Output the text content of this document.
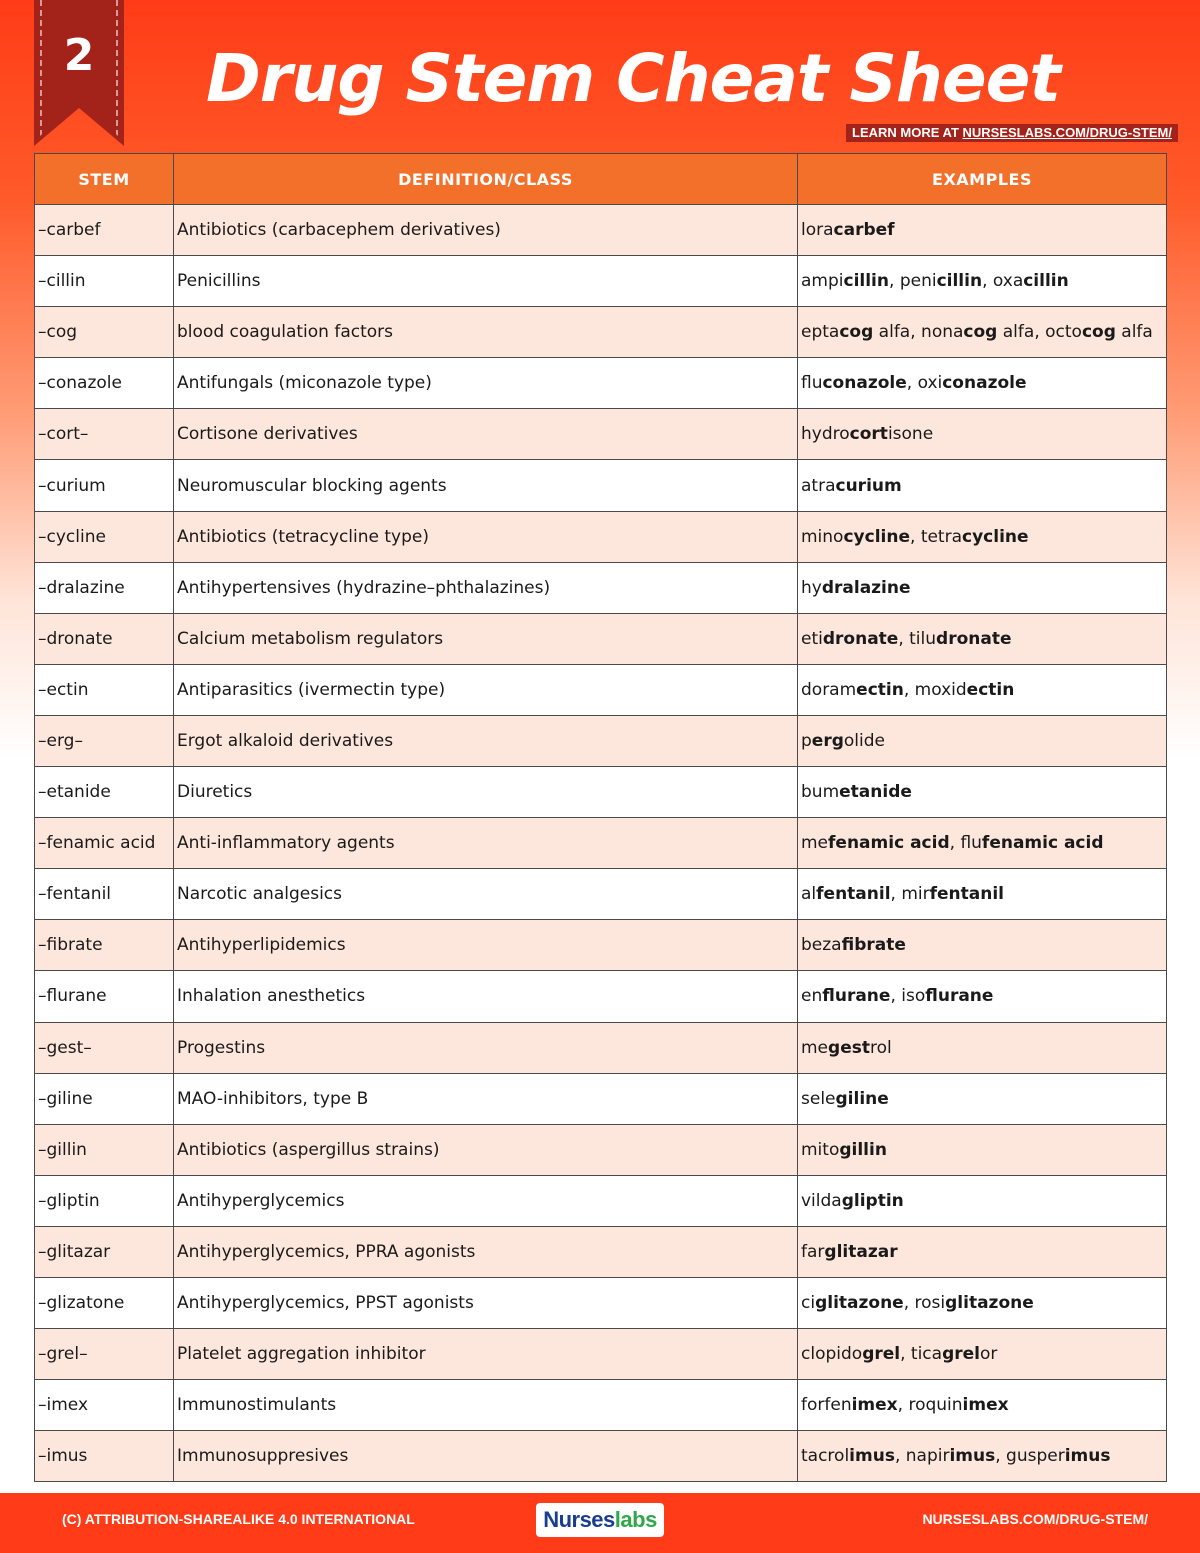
2	Drug Stem Cheat Sheet
LEARN MORE AT NURSESLABS.COM/DRUG-STEM/
STEM	DEFINITION/CLASS	EXAMPLES
–carbef	Antibiotics (carbacephem derivatives)	loracarbef
–cillin	Penicillins	ampicillin, penicillin, oxacillin
–cog	blood coagulation factors	eptacog alfa, nonacog alfa, octocog alfa
–conazole	Antifungals (miconazole type)	fluconazole, oxiconazole
–cort–	Cortisone derivatives	hydrocortisone
–curium	Neuromuscular blocking agents	atracurium
–cycline	Antibiotics (tetracycline type)	minocycline, tetracycline
–dralazine	Antihypertensives (hydrazine–phthalazines)	hydralazine
–dronate	Calcium metabolism regulators	etidronate, tiludronate
–ectin	Antiparasitics (ivermectin type)	doramectin, moxidectin
–erg–	Ergot alkaloid derivatives	pergolide
–etanide	Diuretics	bumetanide
–fenamic acid	Anti-inflammatory agents	mefenamic acid, flufenamic acid
–fentanil	Narcotic analgesics	alfentanil, mirfentanil
–fibrate	Antihyperlipidemics	bezafibrate
–flurane	Inhalation anesthetics	enflurane, isoflurane
–gest–	Progestins	megestrol
–giline	MAO-inhibitors, type B	selegiline
–gillin	Antibiotics (aspergillus strains)	mitogillin
–gliptin	Antihyperglycemics	vildagliptin
–glitazar	Antihyperglycemics, PPRA agonists	farglitazar
–glizatone	Antihyperglycemics, PPST agonists	ciglitazone, rosiglitazone
–grel–	Platelet aggregation inhibitor	clopidogrel, ticagrelor
–imex	Immunostimulants	forfenimex, roquinimex
–imus	Immunosuppresives	tacrolimus, napirimus, gusperimus
(C) ATTRIBUTION-SHAREALIKE 4.0 INTERNATIONAL	Nurseslabs	NURSESLABS.COM/DRUG-STEM/
